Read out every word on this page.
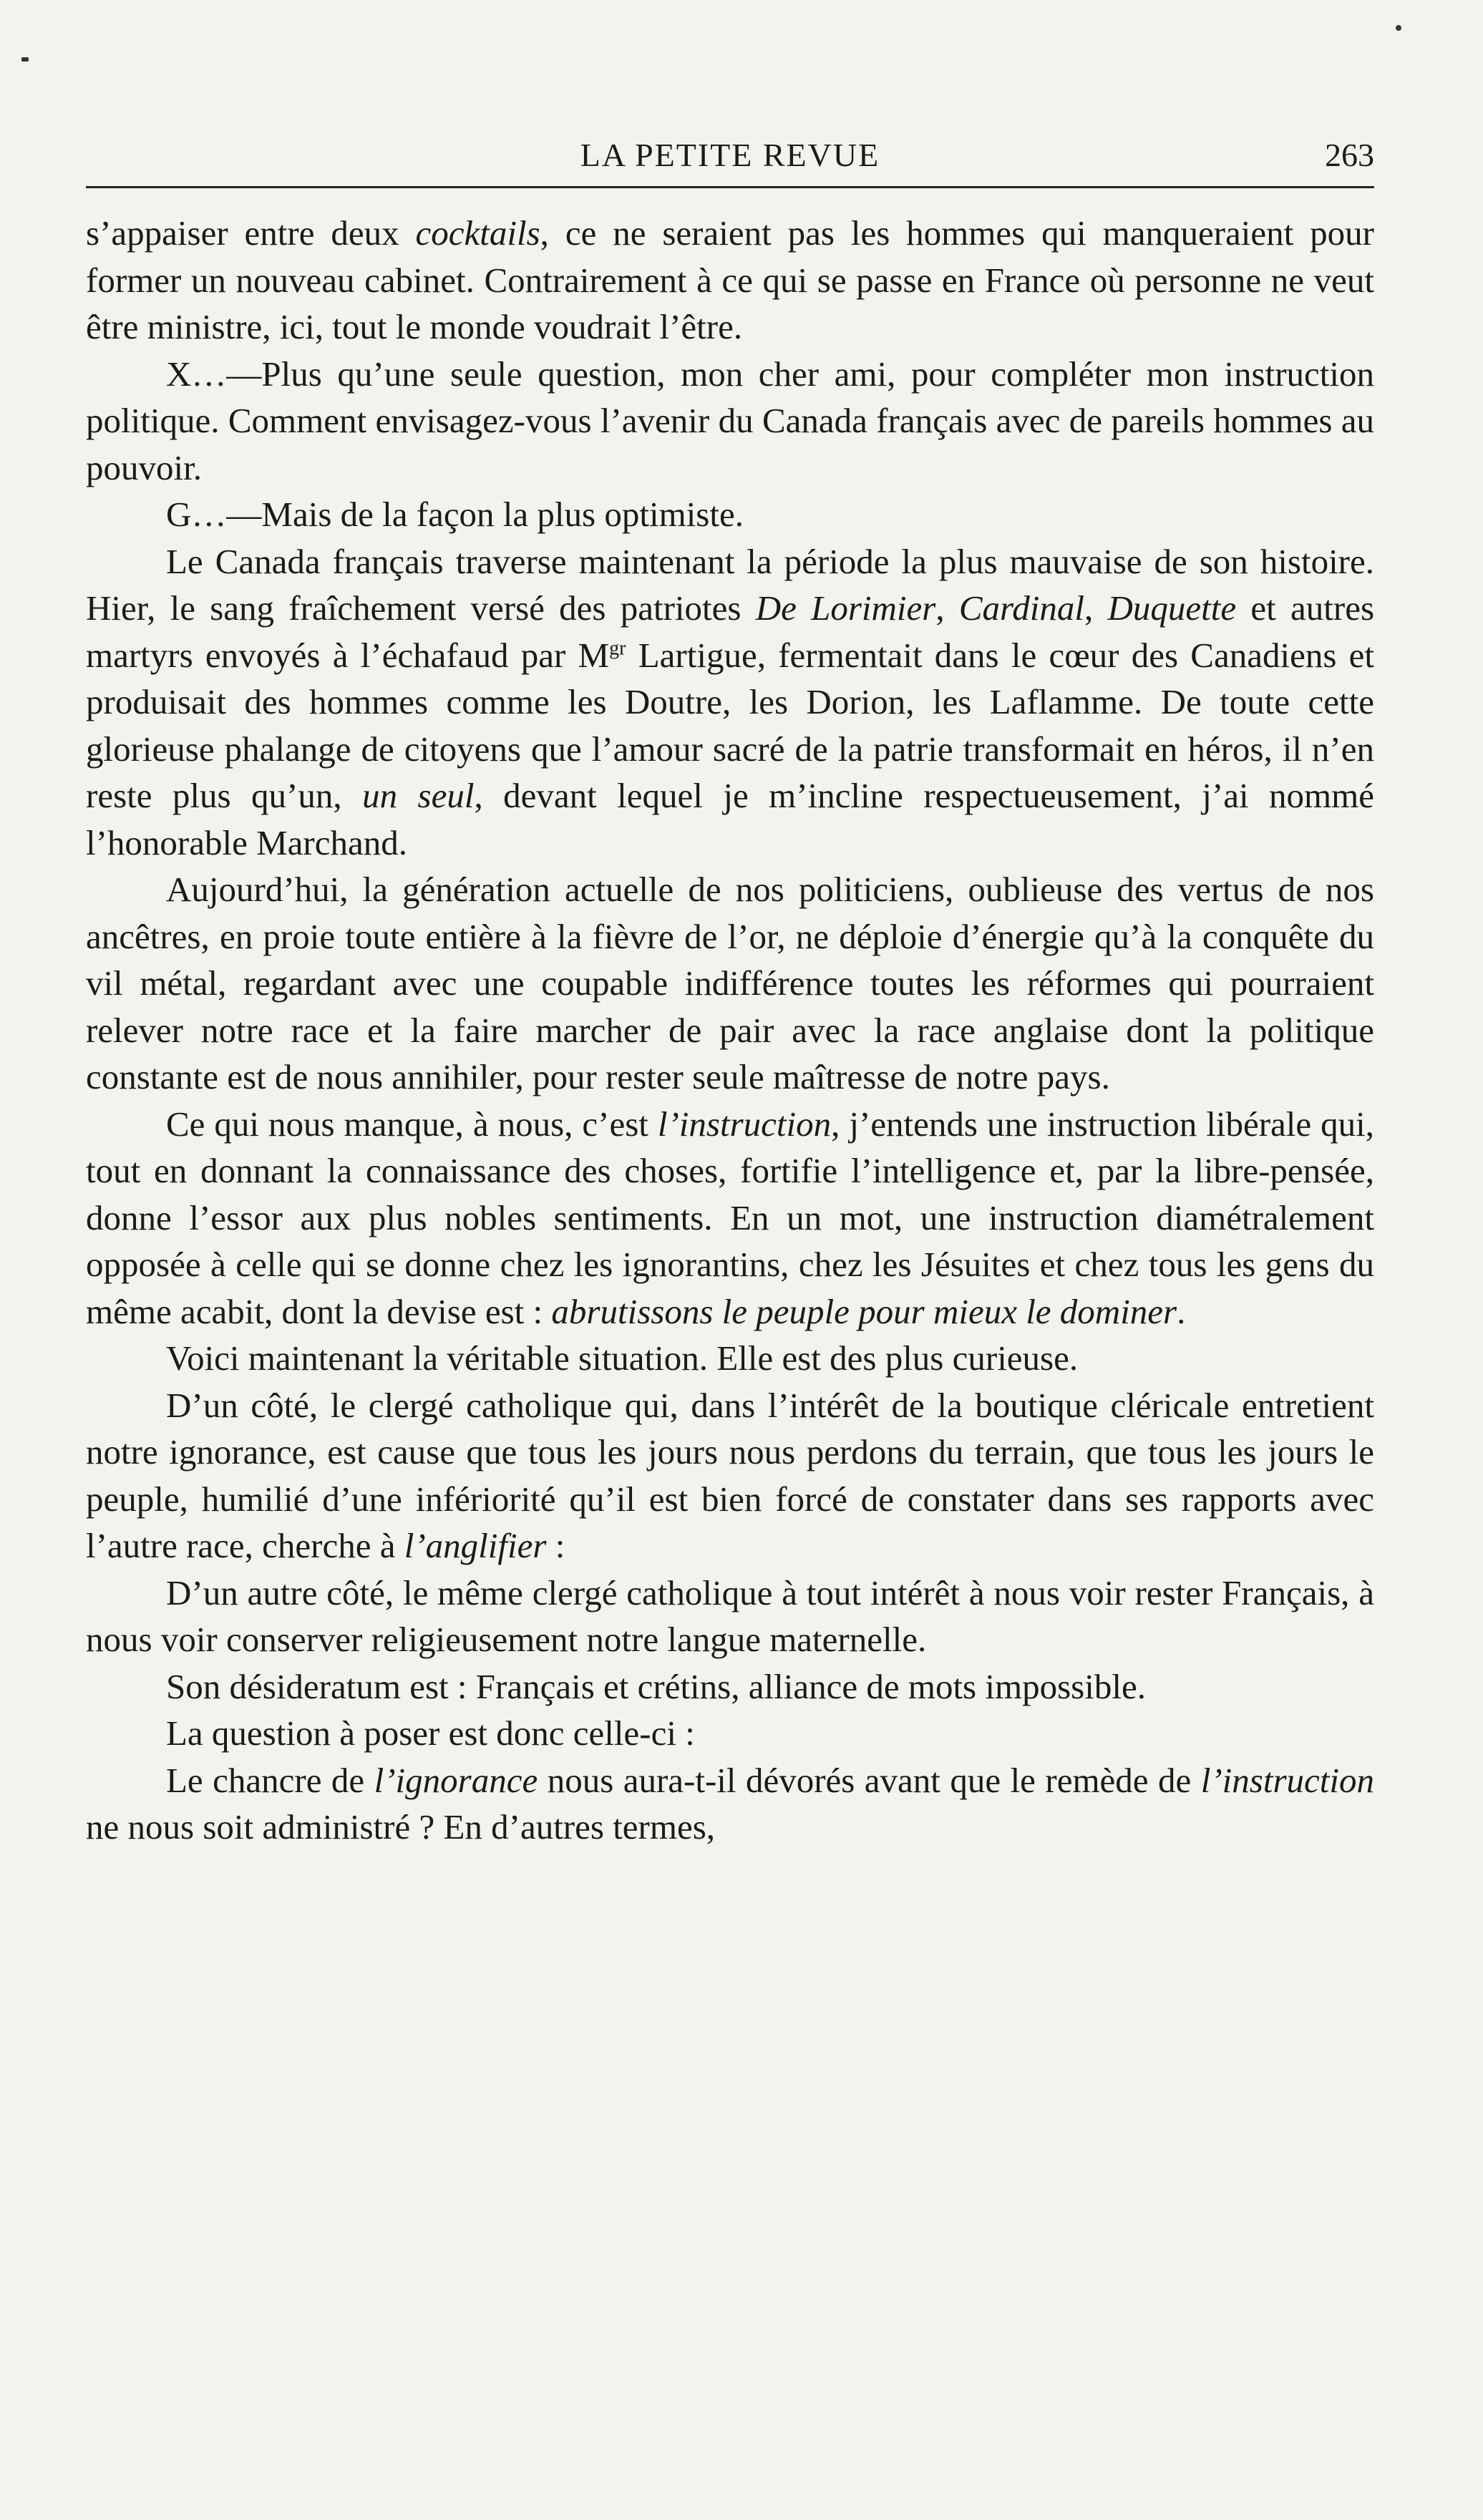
LA PETITE REVUE	263

s’appaiser entre deux cocktails, ce ne seraient pas les hommes qui manqueraient pour former un nouveau cabinet. Contrairement à ce qui se passe en France où personne ne veut être ministre, ici, tout le monde voudrait l’être.

X…—Plus qu’une seule question, mon cher ami, pour compléter mon instruction politique. Comment envisagez-vous l’avenir du Canada français avec de pareils hommes au pouvoir.

G…—Mais de la façon la plus optimiste.

Le Canada français traverse maintenant la période la plus mauvaise de son histoire. Hier, le sang fraîchement versé des patriotes De Lorimier, Cardinal, Duquette et autres martyrs envoyés à l’échafaud par $M^{gr}$ Lartigue, fermentait dans le cœur des Canadiens et produisait des hommes comme les Doutre, les Dorion, les Laflamme. De toute cette glorieuse phalange de citoyens que l’amour sacré de la patrie transformait en héros, il n’en reste plus qu’un, un seul, devant lequel je m’incline respectueusement, j’ai nommé l’honorable Marchand.

Aujourd’hui, la génération actuelle de nos politiciens, oublieuse des vertus de nos ancêtres, en proie toute entière à la fièvre de l’or, ne déploie d’énergie qu’à la conquête du vil métal, regardant avec une coupable indifférence toutes les réformes qui pourraient relever notre race et la faire marcher de pair avec la race anglaise dont la politique constante est de nous annihiler, pour rester seule maîtresse de notre pays.

Ce qui nous manque, à nous, c’est l’instruction, j’entends une instruction libérale qui, tout en donnant la connaissance des choses, fortifie l’intelligence et, par la libre-pensée, donne l’essor aux plus nobles sentiments. En un mot, une instruction diamétralement opposée à celle qui se donne chez les ignorantins, chez les Jésuites et chez tous les gens du même acabit, dont la devise est : abrutissons le peuple pour mieux le dominer.

Voici maintenant la véritable situation. Elle est des plus curieuse.

D’un côté, le clergé catholique qui, dans l’intérêt de la boutique cléricale entretient notre ignorance, est cause que tous les jours nous perdons du terrain, que tous les jours le peuple, humilié d’une infériorité qu’il est bien forcé de constater dans ses rapports avec l’autre race, cherche à l’anglifier :

D’un autre côté, le même clergé catholique à tout intérêt à nous voir rester Français, à nous voir conserver religieusement notre langue maternelle.

Son désideratum est : Français et crétins, alliance de mots impossible.

La question à poser est donc celle-ci :

Le chancre de l’ignorance nous aura-t-il dévorés avant que le remède de l’instruction ne nous soit administré ? En d’autres termes,
